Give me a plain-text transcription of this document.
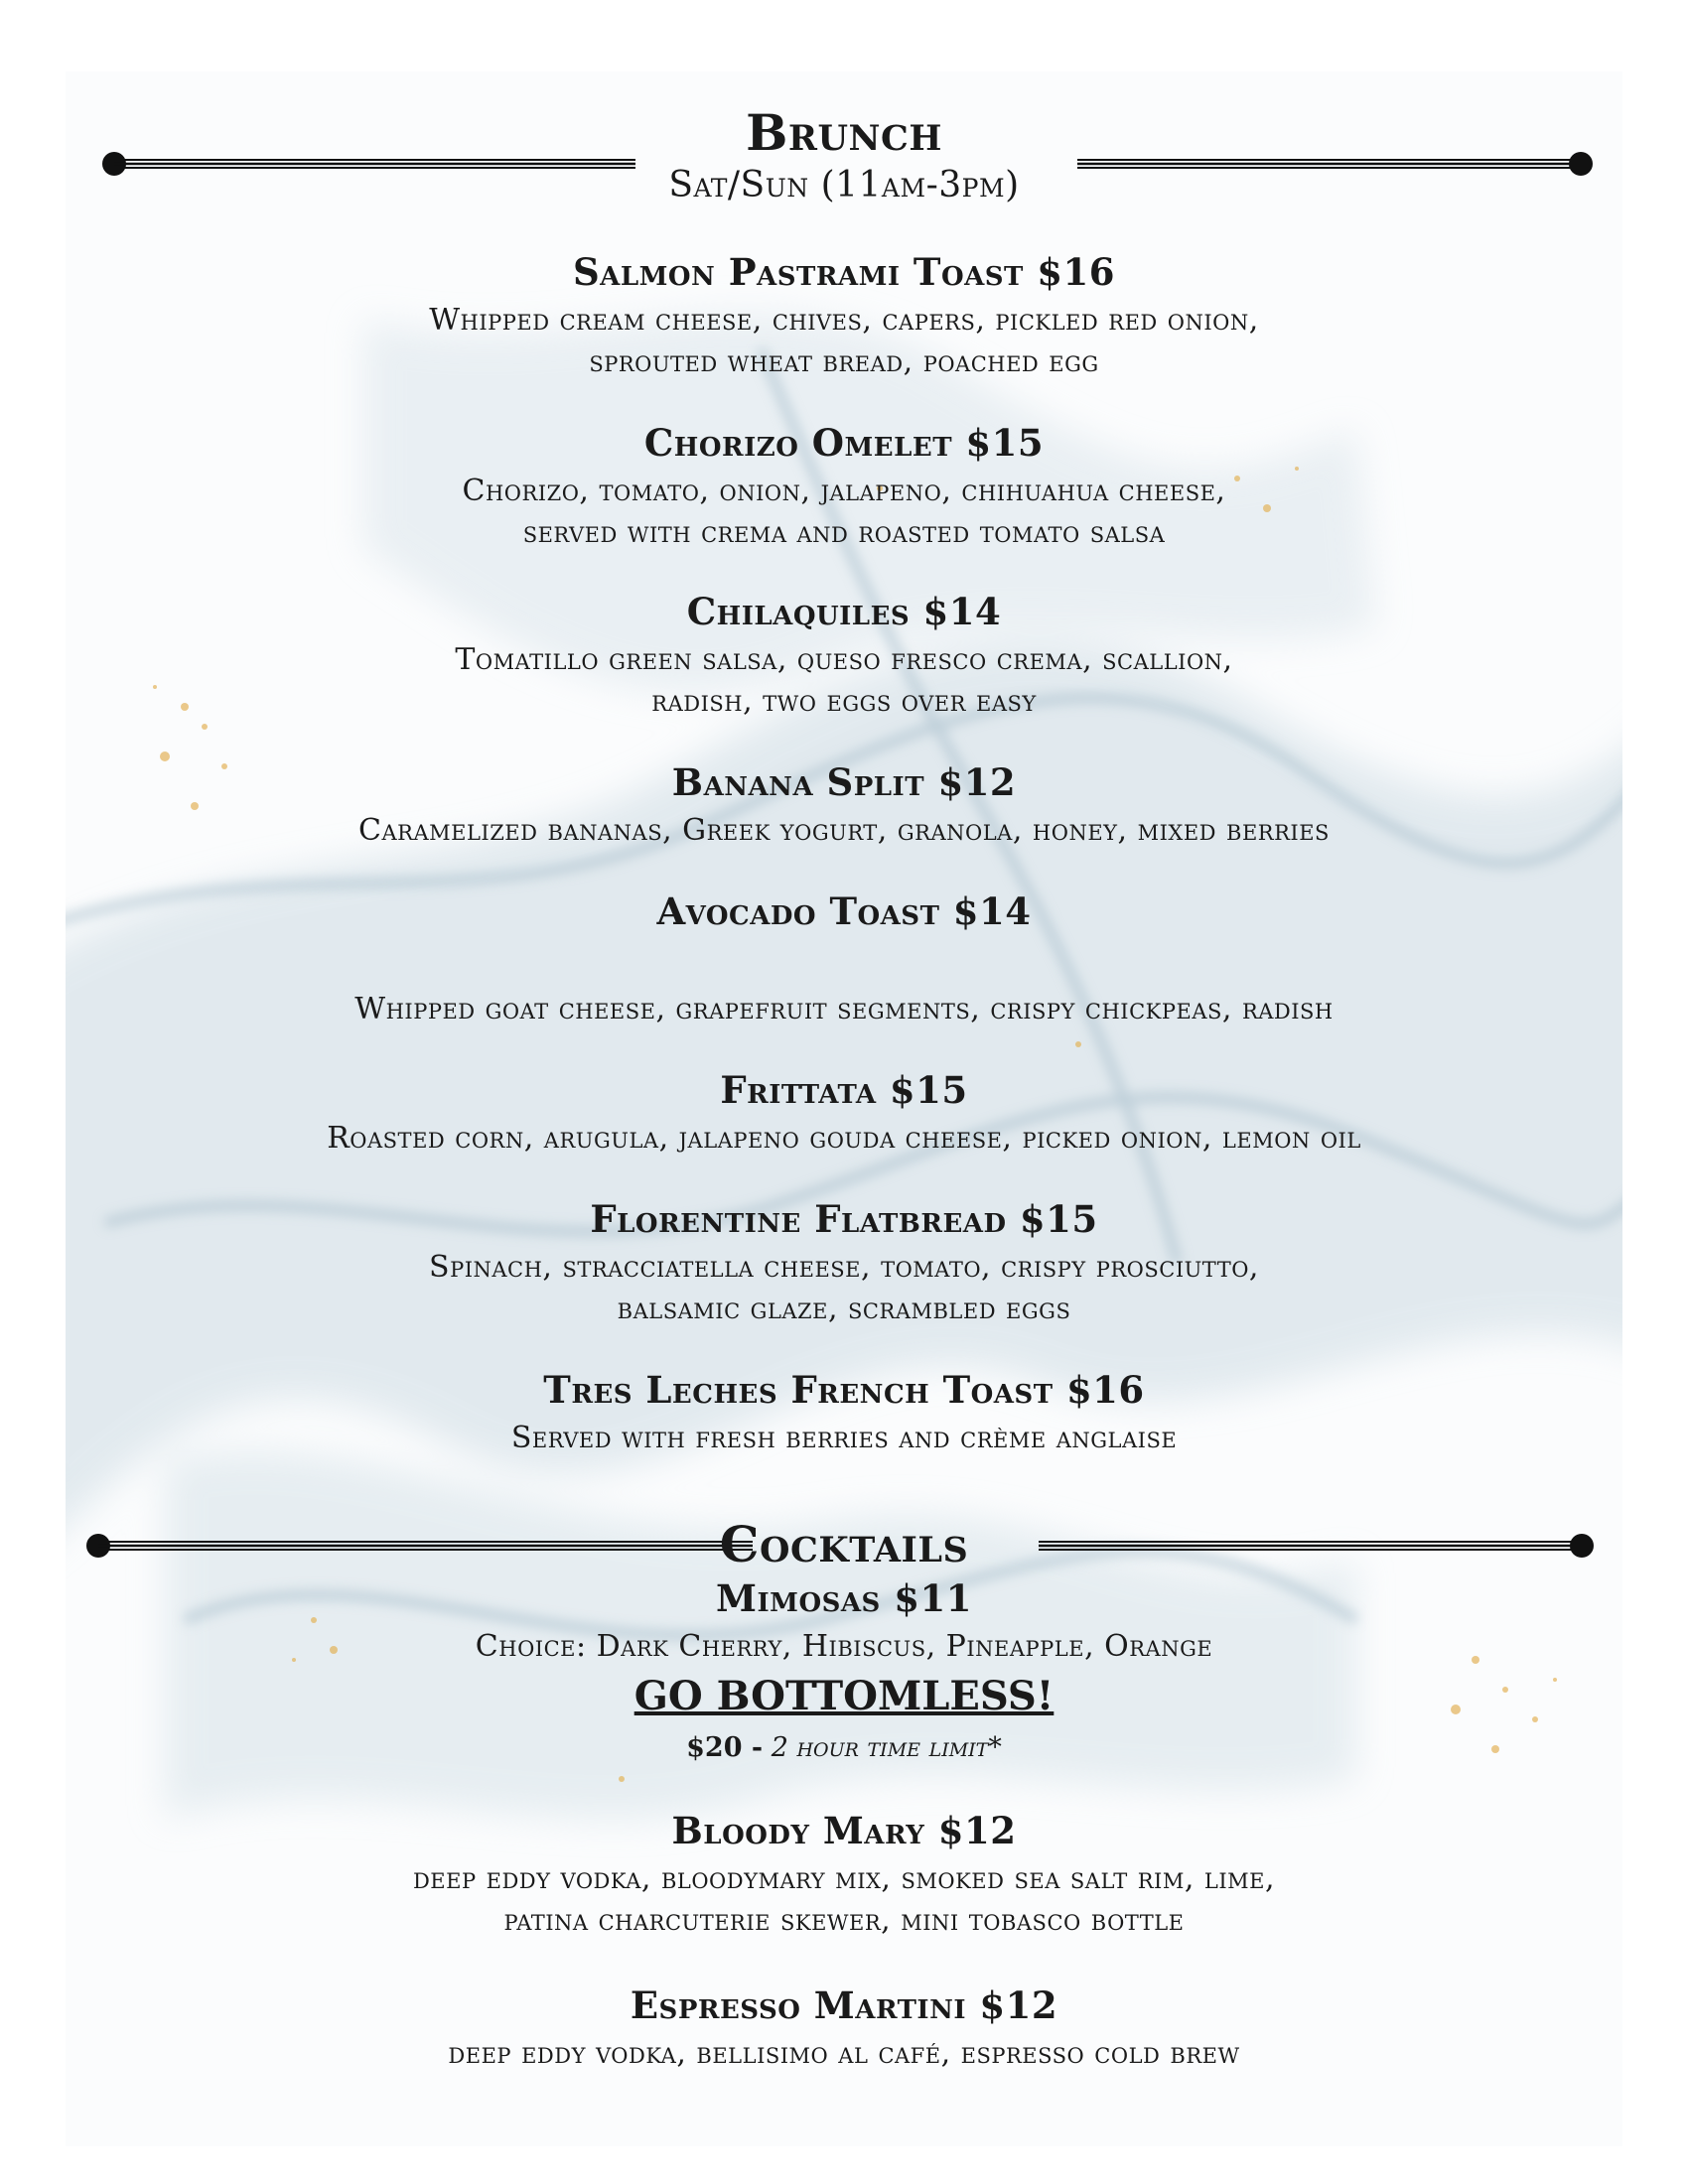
Brunch
Sat/Sun (11am-3pm)
Salmon Pastrami Toast $16
Whipped cream cheese, chives, capers, pickled red onion,
sprouted wheat bread, poached egg
Chorizo Omelet $15
Chorizo, tomato, onion, jalapeno, chihuahua cheese,
served with crema and roasted tomato salsa
Chilaquiles $14
Tomatillo green salsa, queso fresco crema, scallion,
radish, two eggs over easy
Banana Split $12
Caramelized bananas, Greek yogurt, granola, honey, mixed berries
Avocado Toast $14
Whipped goat cheese, grapefruit segments, crispy chickpeas, radish
Frittata $15
Roasted corn, arugula, jalapeno gouda cheese, picked onion, lemon oil
Florentine Flatbread $15
Spinach, stracciatella cheese, tomato, crispy prosciutto,
balsamic glaze, scrambled eggs
Tres Leches French Toast $16
Served with fresh berries and crème anglaise
Cocktails
Mimosas $11
Choice: Dark Cherry, Hibiscus, Pineapple, Orange
GO BOTTOMLESS!
$20 - 2 hour time limit*
Bloody Mary $12
deep eddy vodka, bloodymary mix, smoked sea salt rim, lime,
patina charcuterie skewer, mini tobasco bottle
Espresso Martini $12
deep eddy vodka, bellisimo al café, espresso cold brew
